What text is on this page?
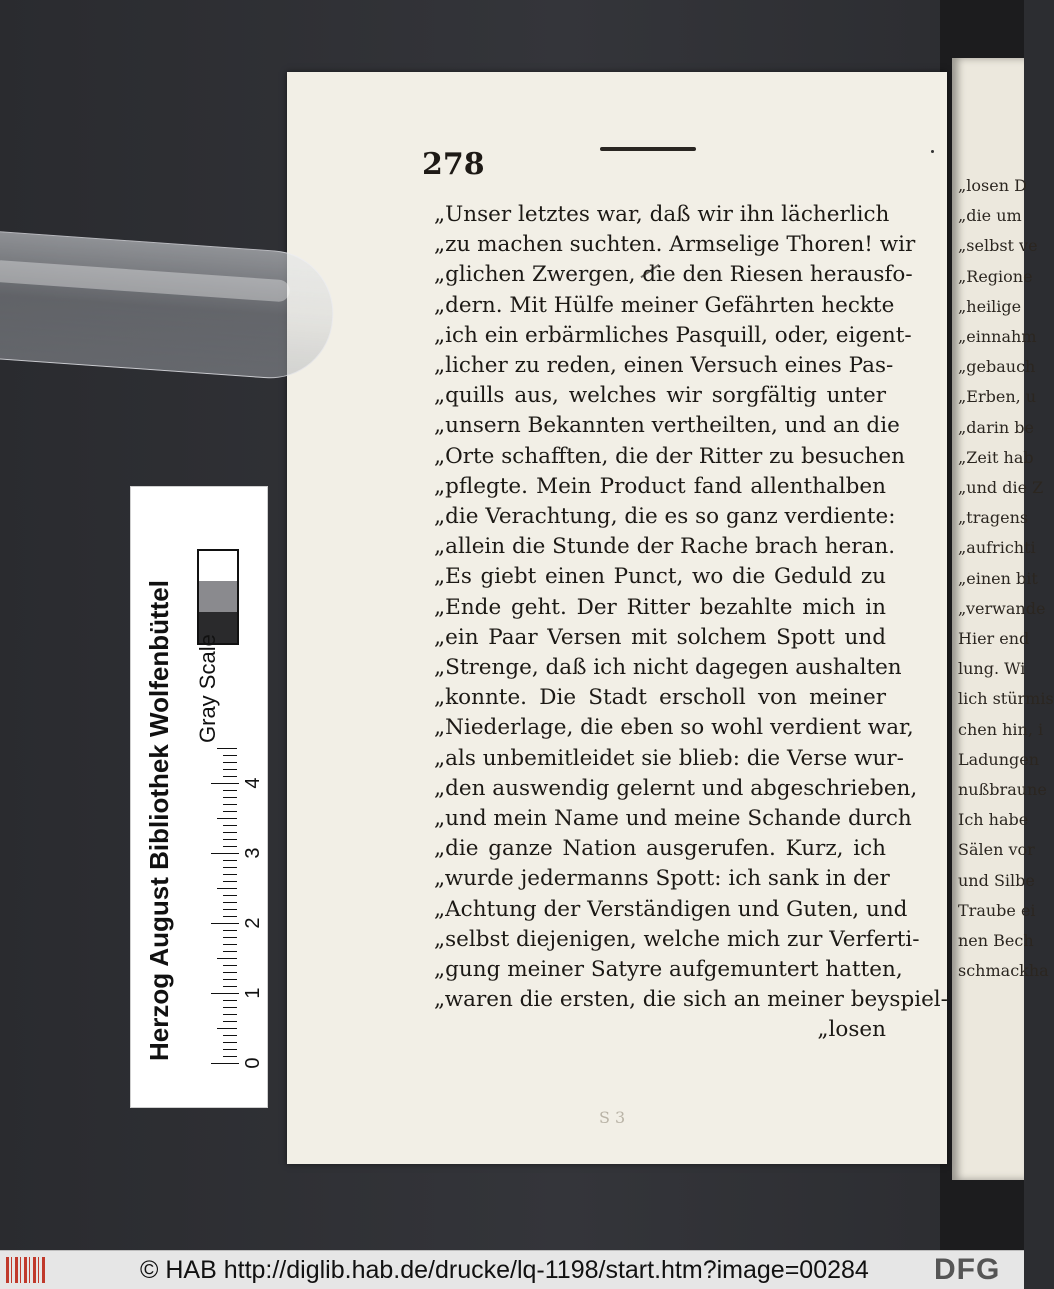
„losen D
„die um
„selbst ve
„Regione
„heilige
„einnahm
„gebauch
„Erben, u
„darin be
„Zeit hab
„und die Z
„tragens
„aufrichti
„einen bit
„verwande
Hier end
lung. Wi
lich stürmis
chen hin, i
Ladungen
nußbraune
Ich habe
Sälen vor
und Silbe
Traube ei
nen Bech
schmackha
278
S 3
„Unser letztes war, daß wir ihn lächerlich
„zu machen suchten. Armselige Thoren! wir
„glichen Zwergen, die den Riesen herausfo-
„dern. Mit Hülfe meiner Gefährten heckte
„ich ein erbärmliches Pasquill, oder, eigent-
„licher zu reden, einen Versuch eines Pas-
„quills aus, welches wir sorgfältig unter
„unsern Bekannten vertheilten, und an die
„Orte schafften, die der Ritter zu besuchen
„pflegte. Mein Product fand allenthalben
„die Verachtung, die es so ganz verdiente:
„allein die Stunde der Rache brach heran.
„Es giebt einen Punct, wo die Geduld zu
„Ende geht. Der Ritter bezahlte mich in
„ein Paar Versen mit solchem Spott und
„Strenge, daß ich nicht dagegen aushalten
„konnte. Die Stadt erscholl von meiner
„Niederlage, die eben so wohl verdient war,
„als unbemitleidet sie blieb: die Verse wur-
„den auswendig gelernt und abgeschrieben,
„und mein Name und meine Schande durch
„die ganze Nation ausgerufen. Kurz, ich
„wurde jedermanns Spott: ich sank in der
„Achtung der Verständigen und Guten, und
„selbst diejenigen, welche mich zur Verferti-
„gung meiner Satyre aufgemuntert hatten,
„waren die ersten, die sich an meiner beyspiel-
„losen
Herzog August Bibliothek Wolfenbüttel Gray Scale
0
1
2
3
4
© HAB http://diglib.hab.de/drucke/lq-1198/start.htm?image=00284 DFG
